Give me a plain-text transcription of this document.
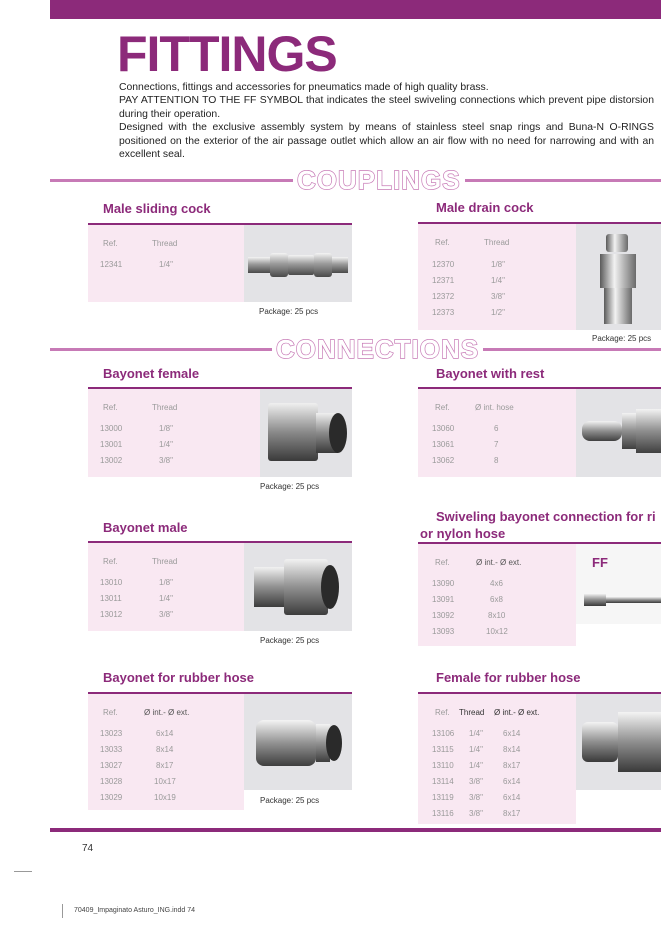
FITTINGS

Connections, fittings and accessories for pneumatics made of high quality brass.

PAY ATTENTION TO THE FF SYMBOL that indicates the steel swiveling connections which prevent pipe distorsion during their operation.

Designed with the exclusive assembly system by means of stainless steel snap rings and Buna-N O-RINGS positioned on the exterior of the air passage outlet which allow an air flow with no need for narrowing and with an excellent seal.

COUPLINGS
Male sliding cock
Ref.	Thread
12341	1/4"
Package: 25 pcs
Male drain cock
Ref.	Thread
12370	1/8"
12371	1/4"
12372	3/8"
12373	1/2"
Package: 25 pcs
CONNECTIONS
Bayonet female
Ref.	Thread
13000	1/8"
13001	1/4"
13002	3/8"
Package: 25 pcs
Bayonet with rest
Ref.	Ø int. hose
13060	6
13061	7
13062	8
Bayonet male
Ref.	Thread
13010	1/8"
13011	1/4"
13012	3/8"
Package: 25 pcs
Swiveling bayonet connection for ri
or nylon hose
Ref.	Ø int.- Ø ext.
13090	4x6
13091	6x8
13092	8x10
13093	10x12
FF
Bayonet for rubber hose
Ref.	Ø int.- Ø ext.
13023	6x14
13033	8x14
13027	8x17
13028	10x17
13029	10x19	Package: 25 pcs
Female for rubber hose
Ref. Thread Ø int.- Ø ext.
13106 1/4"	6x14
13115 1/4"	8x14
13110 1/4"	8x17
13114 3/8"	6x14
13119 3/8"	6x14
13116 3/8"	8x17
74
70409_Impaginato Asturo_ING.indd 74
